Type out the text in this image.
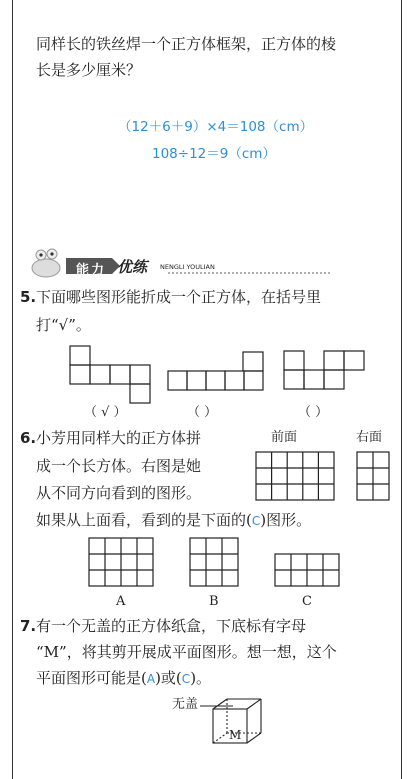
同样长的铁丝焊一个正方体框架，正方体的棱
长是多少厘米？
（12＋6＋9）×4＝108（cm）
108÷12＝9（cm）
能力 优练 NENGLI YOULIAN
5. 下面哪些图形能折成一个正方体，在括号里
打“√”。
（ √ ）	（ ）	（ ）
6. 小芳用同样大的正方体拼
成一个长方体。右图是她
从不同方向看到的图形。
如果从上面看，看到的是下面的(C)图形。
前面	右面
A	B	C
7. 有一个无盖的正方体纸盒，下底标有字母
“M”，将其剪开展成平面图形。想一想，这个
平面图形可能是(A)或(C)。
无盖
M
